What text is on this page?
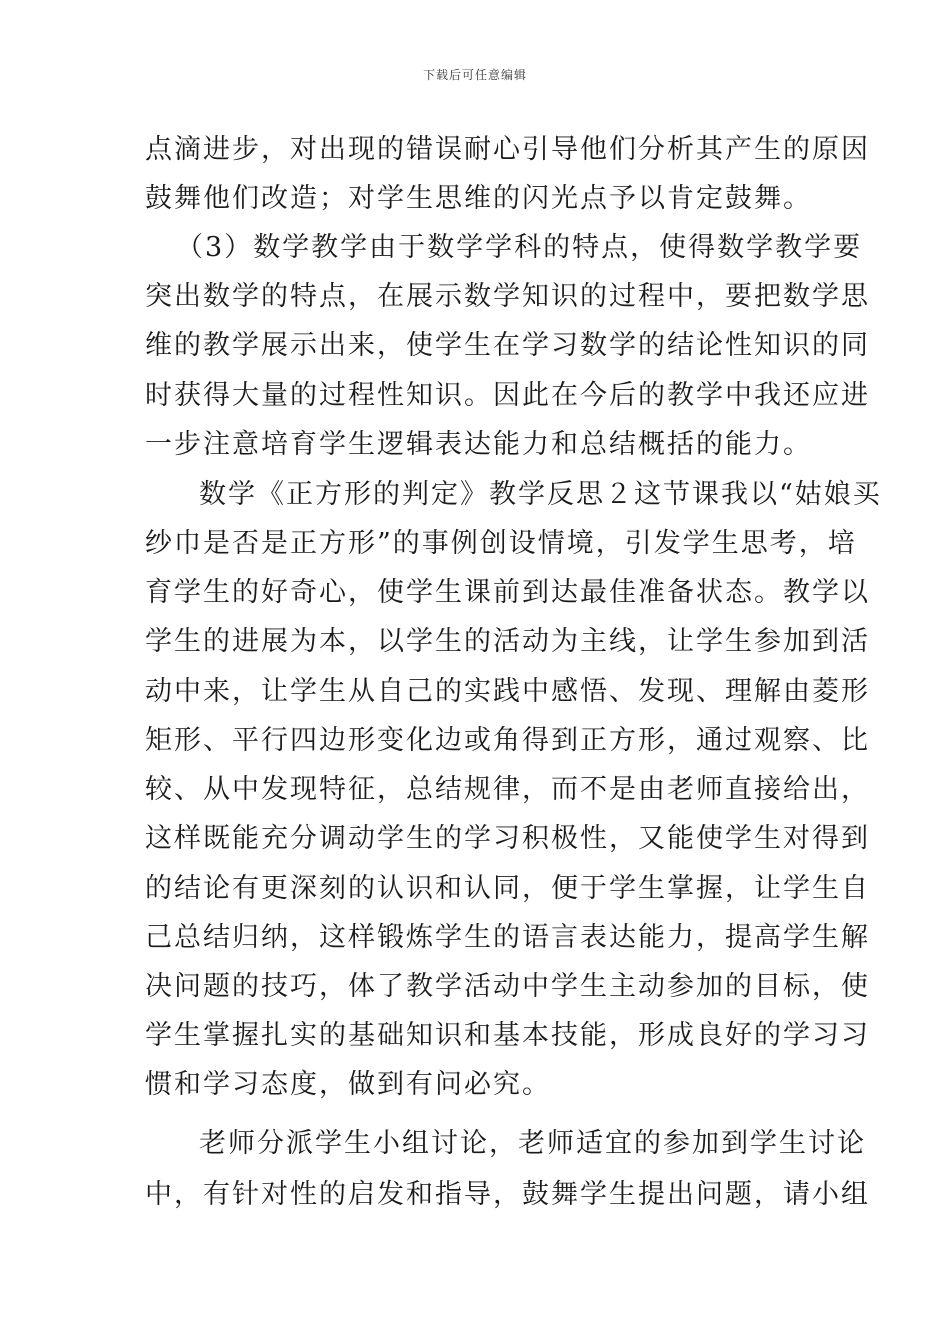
下载后可任意编辑
点滴进步，对出现的错误耐心引导他们分析其产生的原因
鼓舞他们改造；对学生思维的闪光点予以肯定鼓舞。
（3）数学教学由于数学学科的特点，使得数学教学要
突出数学的特点，在展示数学知识的过程中，要把数学思
维的教学展示出来，使学生在学习数学的结论性知识的同
时获得大量的过程性知识。因此在今后的教学中我还应进
一步注意培育学生逻辑表达能力和总结概括的能力。
数学《正方形的判定》教学反思２这节课我以“姑娘买
纱巾是否是正方形”的事例创设情境，引发学生思考，培
育学生的好奇心，使学生课前到达最佳准备状态。教学以
学生的进展为本，以学生的活动为主线，让学生参加到活
动中来，让学生从自己的实践中感悟、发现、理解由菱形
矩形、平行四边形变化边或角得到正方形，通过观察、比
较、从中发现特征，总结规律，而不是由老师直接给出，
这样既能充分调动学生的学习积极性，又能使学生对得到
的结论有更深刻的认识和认同，便于学生掌握，让学生自
己总结归纳，这样锻炼学生的语言表达能力，提高学生解
决问题的技巧，体了教学活动中学生主动参加的目标，使
学生掌握扎实的基础知识和基本技能，形成良好的学习习
惯和学习态度，做到有问必究。
老师分派学生小组讨论，老师适宜的参加到学生讨论
中，有针对性的启发和指导，鼓舞学生提出问题，请小组
